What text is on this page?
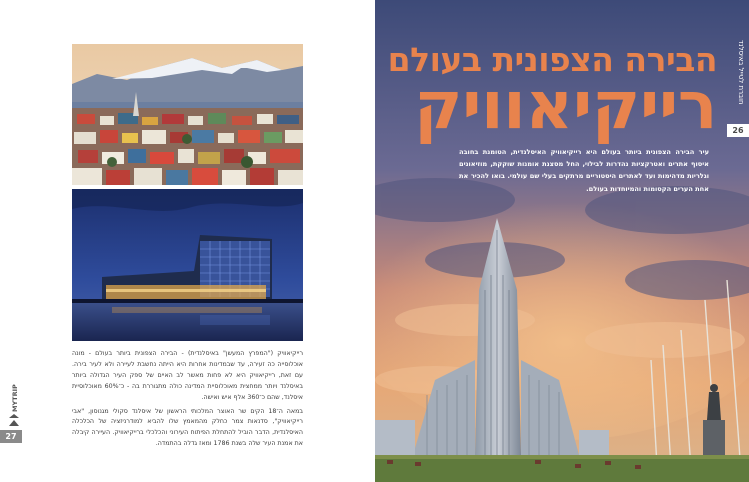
רייקיאוויק ("המפרץ המעשן" באיסלנדית) - הבירה הצפונית ביותר בעולם - מונה אוכלוסייה כה זעירה, עד שבמדינות אחרות היא הייתה נחשבת לעיירה ולא לעיר בירה. עם זאת, רייקיאוויק היא לא פחות מאשר לב האיים של ספק העיר הגדולה ביותר באיסלנד ויותר ממחצית מאוכלוסיית המדינה כולה מתגוררת בה - כ־60% מאוכלוסיית איסלנד, שהם כ־360 אלף איש ואישה.

במאה ה־18 הקים שר האוצר המלכותי הראשון של איסלנד סקולי מגנוסון, "אבי רייקיאוויק", סדנאות צמר כחלק מהמאמץ שלו להביא למודרניזציה של הכלכלה האיסלנדית, הדבר הוביל להתחלת הפיתוח העירוני והכלכלי ברייקיאוויק. העיירה קיבלה את אמנת העיר שלה בשנת 1786 ומאז גדלה בהתמדה.

MYTRIP
27
הבירה הצפונית בעולם
רייקיאוויק
עיר הבירה הצפונית ביותר בעולם היא רייקיאוויק האיסלנדית, הטומנת בחובה איסוף אתרים ואטרקציות נהדרות לבילוי, החל מסצנת אומנות שוקקת, מוזיאונים וגלריות מדהימות ועד לאתרים היסטוריים מרתקים בעלי שם עולמי. בואו להכיר את אחת הערים הקסומות והמיוחדות בעולם.
חוברת לטייל באיסלנד
26
